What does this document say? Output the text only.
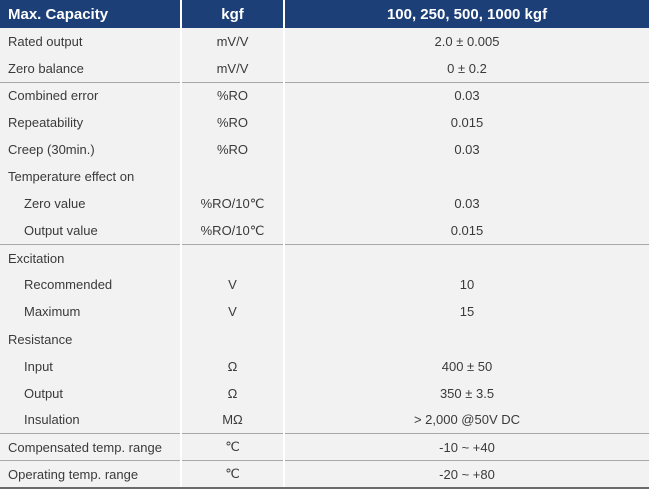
Max. Capacity	kgf	100, 250, 500, 1000 kgf
Rated output	mV/V	2.0 ± 0.005
Zero balance	mV/V	0 ± 0.2
Combined error	%RO	0.03
Repeatability	%RO	0.015
Creep (30min.)	%RO	0.03
Temperature effect on		
Zero value	%RO/10℃	0.03
Output value	%RO/10℃	0.015
Excitation		
Recommended	V	10
Maximum	V	15
Resistance		
Input	Ω	400 ± 50
Output	Ω	350 ± 3.5
Insulation	MΩ	> 2,000 @50V DC
Compensated temp. range	℃	-10 ~ +40
Operating temp. range	℃	-20 ~ +80
